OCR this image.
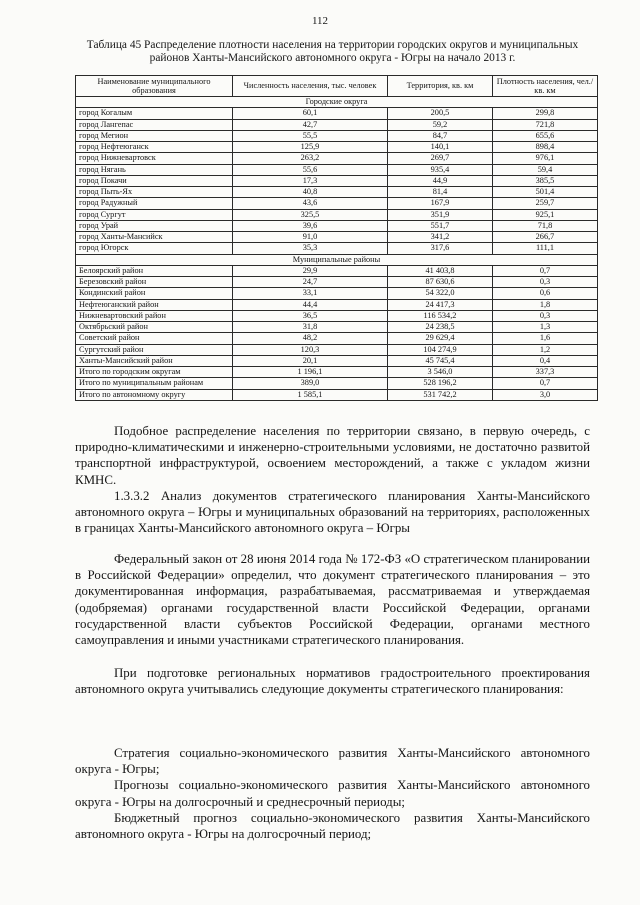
112
Таблица 45 Распределение плотности населения на территории городских округов и муниципальных районов Ханты-Мансийского автономного округа - Югры на начало 2013 г.
Наименование муниципального образования	Численность населения, тыс. человек	Территория, кв. км	Плотность населения, чел./кв. км
Городские округа			
город Когалым	60,1	200,5	299,8
город Лангепас	42,7	59,2	721,8
город Мегион	55,5	84,7	655,6
город Нефтеюганск	125,9	140,1	898,4
город Нижневартовск	263,2	269,7	976,1
город Нягань	55,6	935,4	59,4
город Покачи	17,3	44,9	385,5
город Пыть-Ях	40,8	81,4	501,4
город Радужный	43,6	167,9	259,7
город Сургут	325,5	351,9	925,1
город Урай	39,6	551,7	71,8
город Ханты-Мансийск	91,0	341,2	266,7
город Югорск	35,3	317,6	111,1
Муниципальные районы			
Белоярский район	29,9	41 403,8	0,7
Березовский район	24,7	87 630,6	0,3
Кондинский район	33,1	54 322,0	0,6
Нефтеюганский район	44,4	24 417,3	1,8
Нижневартовский район	36,5	116 534,2	0,3
Октябрьский район	31,8	24 238,5	1,3
Советский район	48,2	29 629,4	1,6
Сургутский район	120,3	104 274,9	1,2
Ханты-Мансийский район	20,1	45 745,4	0,4
Итого по городским округам	1 196,1	3 546,0	337,3
Итого по муниципальным районам	389,0	528 196,2	0,7
Итого по автономному округу	1 585,1	531 742,2	3,0

Подобное распределение населения по территории связано, в первую очередь, с природно-климатическими и инженерно-строительными условиями, не достаточно развитой транспортной инфраструктурой, освоением месторождений, а также с укладом жизни КМНС.

1.3.3.2 Анализ документов стратегического планирования Ханты-Мансийского автономного округа – Югры и муниципальных образований на территориях, расположенных в границах Ханты-Мансийского автономного округа – Югры

Федеральный закон от 28 июня 2014 года № 172-ФЗ «О стратегическом планировании в Российской Федерации» определил, что документ стратегического планирования – это документированная информация, разрабатываемая, рассматриваемая и утверждаемая (одобряемая) органами государственной власти Российской Федерации, органами государственной власти субъектов Российской Федерации, органами местного самоуправления и иными участниками стратегического планирования.

При подготовке региональных нормативов градостроительного проектирования автономного округа учитывались следующие документы стратегического планирования:

Стратегия социально-экономического развития Ханты-Мансийского автономного округа - Югры;

Прогнозы социально-экономического развития Ханты-Мансийского автономного округа - Югры на долгосрочный и среднесрочный периоды;

Бюджетный прогноз социально-экономического развития Ханты-Мансийского автономного округа - Югры на долгосрочный период;
